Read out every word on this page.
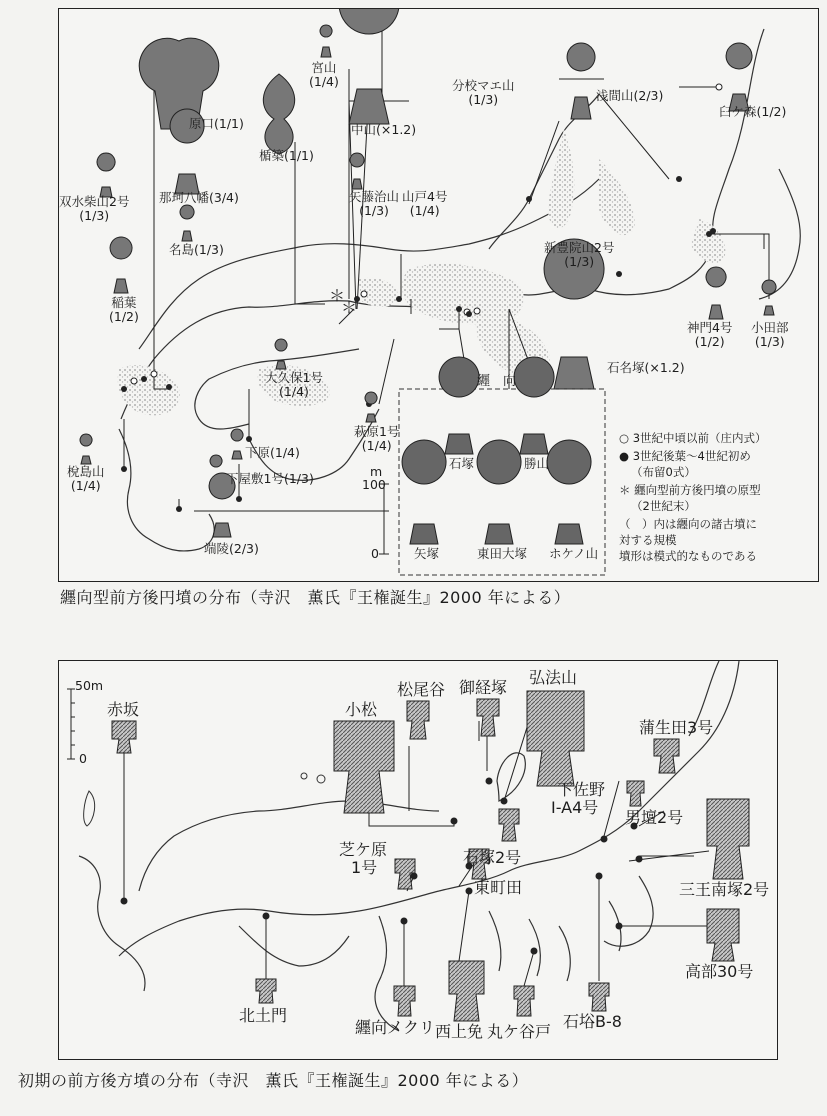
＊
＊
原口(1/1)
宮山
(1/4)
中山(×1.2)
楯築(1/1)
分校マエ山
(1/3)	浅間山(2/3)
臼ケ森(1/2)
那珂八幡(3/4)
双水柴山2号
(1/3)
矢藤治山
(1/3)
山戸4号
(1/4)
名島(1/3)	新豊院山2号
(1/3)
稲葉
(1/2)
神門4号
(1/2)
小田部
(1/3)
石名塚(×1.2)
大久保1号
(1/4)
萩原1号
(1/4)
下原(1/4)
下屋敷1号(1/3)
梲島山
(1/4)
端陵(2/3)
纒　向
石塚	勝山
矢塚	東田大塚 ホケノ山
m
100
0
○ 3世紀中頃以前（庄内式）
● 3世紀後葉～4世紀初め
（布留0式）
＊ 纒向型前方後円墳の原型
（2世紀末）
（　）内は纒向の諸古墳に
対する規模
墳形は模式的なものである
纒向型前方後円墳の分布（寺沢　薫氏『王権誕生』2000 年による）
50m
0
赤坂	小松
松尾谷 御経塚
弘法山
蒲生田3号
下佐野
Ⅰ-A4号
男壇2号
芝ケ原
1号
石塚2号
東町田	三王南塚2号
高部30号
北土門
纒向メクリ 西上免 丸ケ谷戸
石﨏B-8
初期の前方後方墳の分布（寺沢　薫氏『王権誕生』2000 年による）
